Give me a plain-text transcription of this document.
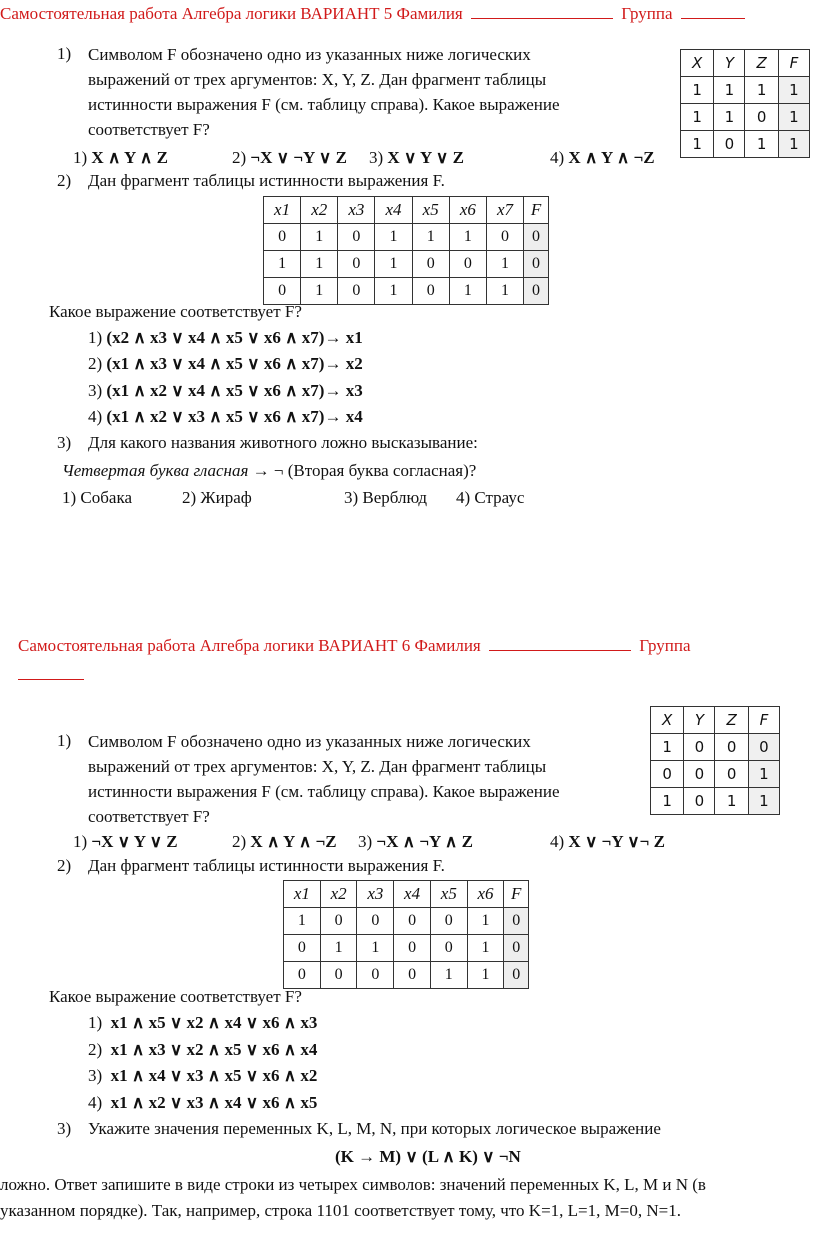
Самостоятельная работа Алгебра логики ВАРИАНТ 5 Фамилия	Группа
1) Символом F обозначено одно из указанных ниже логических
выражений от трех аргументов: X, Y, Z. Дан фрагмент таблицы
истинности выражения F (см. таблицу справа). Какое выражение
соответствует F?
1) X ∧ Y ∧ Z	2) ¬X ∨ ¬Y ∨ Z 3) X ∨ Y ∨ Z	4) X ∧ Y ∧ ¬Z
X	Y	Z	F
1	1	1	1
1	1	0	1
1	0	1	1
2) Дан фрагмент таблицы истинности выражения F.
x1	x2	x3	x4	x5	x6	x7	F
0	1	0	1	1	1	0	0
1	1	0	1	0	0	1	0
0	1	0	1	0	1	1	0
Какое выражение соответствует F?
1) (x2 ∧ x3 ∨ x4 ∧ x5 ∨ x6 ∧ x7)→ x1
2) (x1 ∧ x3 ∨ x4 ∧ x5 ∨ x6 ∧ x7)→ x2
3) (x1 ∧ x2 ∨ x4 ∧ x5 ∨ x6 ∧ x7)→ x3
4) (x1 ∧ x2 ∨ x3 ∧ x5 ∨ x6 ∧ x7)→ x4
3) Для какого названия животного ложно высказывание:
Четвертая буква гласная → ¬ (Вторая буква согласная)?
1) Собака	2) Жираф	3) Верблюд 4) Страус
Самостоятельная работа Алгебра логики ВАРИАНТ 6 Фамилия	Группа
1) Символом F обозначено одно из указанных ниже логических
выражений от трех аргументов: X, Y, Z. Дан фрагмент таблицы
истинности выражения F (см. таблицу справа). Какое выражение
соответствует F?
1) ¬X ∨ Y ∨ Z	2) X ∧ Y ∧ ¬Z 3) ¬X ∧ ¬Y ∧ Z	4) X ∨ ¬Y ∨¬ Z
X	Y	Z	F
1	0	0	0
0	0	0	1
1	0	1	1
2) Дан фрагмент таблицы истинности выражения F.
x1	x2	x3	x4	x5	x6	F
1	0	0	0	0	1	0
0	1	1	0	0	1	0
0	0	0	0	1	1	0
Какое выражение соответствует F?
1) x1 ∧ x5 ∨ x2 ∧ x4 ∨ x6 ∧ x3
2) x1 ∧ x3 ∨ x2 ∧ x5 ∨ x6 ∧ x4
3) x1 ∧ x4 ∨ x3 ∧ x5 ∨ x6 ∧ x2
4) x1 ∧ x2 ∨ x3 ∧ x4 ∨ x6 ∧ x5
3) Укажите значения переменных K, L, M, N, при которых логическое выражение
(K → M) ∨ (L ∧ K) ∨ ¬N
ложно. Ответ запишите в виде строки из четырех символов: значений переменных K, L, M и N (в
указанном порядке). Так, например, строка 1101 соответствует тому, что K=1, L=1, M=0, N=1.
